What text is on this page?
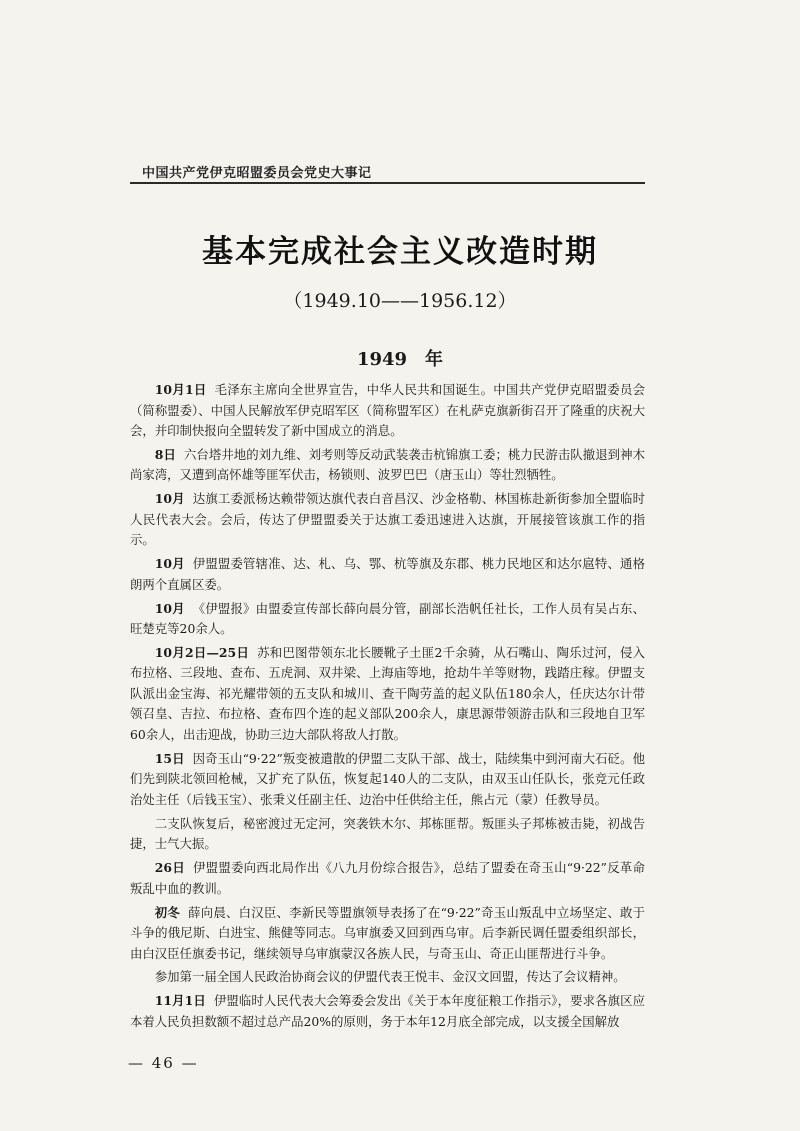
中国共产党伊克昭盟委员会党史大事记
基本完成社会主义改造时期
（1949.10——1956.12）
1949　年

10月1日 毛泽东主席向全世界宣告，中华人民共和国诞生。中国共产党伊克昭盟委员会（简称盟委）、中国人民解放军伊克昭军区（简称盟军区）在札萨克旗新街召开了隆重的庆祝大会，并印制快报向全盟转发了新中国成立的消息。

8日 六台塔井地的刘九维、刘考则等反动武装袭击杭锦旗工委；桃力民游击队撤退到神木尚家湾，又遭到高怀雄等匪军伏击，杨锁则、波罗巴巴（唐玉山）等壮烈牺牲。

10月 达旗工委派杨达赖带领达旗代表白音昌汉、沙金格勒、林国栋赴新街参加全盟临时人民代表大会。会后，传达了伊盟盟委关于达旗工委迅速进入达旗，开展接管该旗工作的指示。

10月 伊盟盟委管辖准、达、札、乌、鄂、杭等旗及东郡、桃力民地区和达尔扈特、通格朗两个直属区委。

10月 《伊盟报》由盟委宣传部长薛向晨分管，副部长浩帆任社长，工作人员有吴占东、旺楚克等20余人。

10月2日—25日 苏和巴图带领东北长腰靴子土匪2千余骑，从石嘴山、陶乐过河，侵入布拉格、三段地、查布、五虎洞、双井梁、上海庙等地，抢劫牛羊等财物，践踏庄稼。伊盟支队派出金宝海、祁光耀带领的五支队和城川、查干陶劳盖的起义队伍180余人，任庆达尔计带领召皇、吉拉、布拉格、查布四个连的起义部队200余人，康思源带领游击队和三段地自卫军60余人，出击迎战，协助三边大部队将敌人打散。

15日 因奇玉山“9·22”叛变被遣散的伊盟二支队干部、战士，陆续集中到河南大石砭。他们先到陕北领回枪械，又扩充了队伍，恢复起140人的二支队，由双玉山任队长，张竞元任政治处主任（后钱玉宝）、张秉义任副主任、边治中任供给主任，熊占元（蒙）任教导员。

二支队恢复后，秘密渡过无定河，突袭铁木尔、邦栋匪帮。叛匪头子邦栋被击毙，初战告捷，士气大振。

26日 伊盟盟委向西北局作出《八九月份综合报告》，总结了盟委在奇玉山“9·22”反革命叛乱中血的教训。

初冬 薛向晨、白汉臣、李新民等盟旗领导表扬了在“9·22”奇玉山叛乱中立场坚定、敢于斗争的俄尼斯、白进宝、熊健等同志。乌审旗委又回到西乌审。后李新民调任盟委组织部长，由白汉臣任旗委书记，继续领导乌审旗蒙汉各族人民，与奇玉山、奇正山匪帮进行斗争。

参加第一届全国人民政治协商会议的伊盟代表王悦丰、金汉文回盟，传达了会议精神。

11月1日 伊盟临时人民代表大会筹委会发出《关于本年度征粮工作指示》，要求各旗区应本着人民负担数额不超过总产品20%的原则，务于本年12月底全部完成，以支援全国解放

— 46 —
